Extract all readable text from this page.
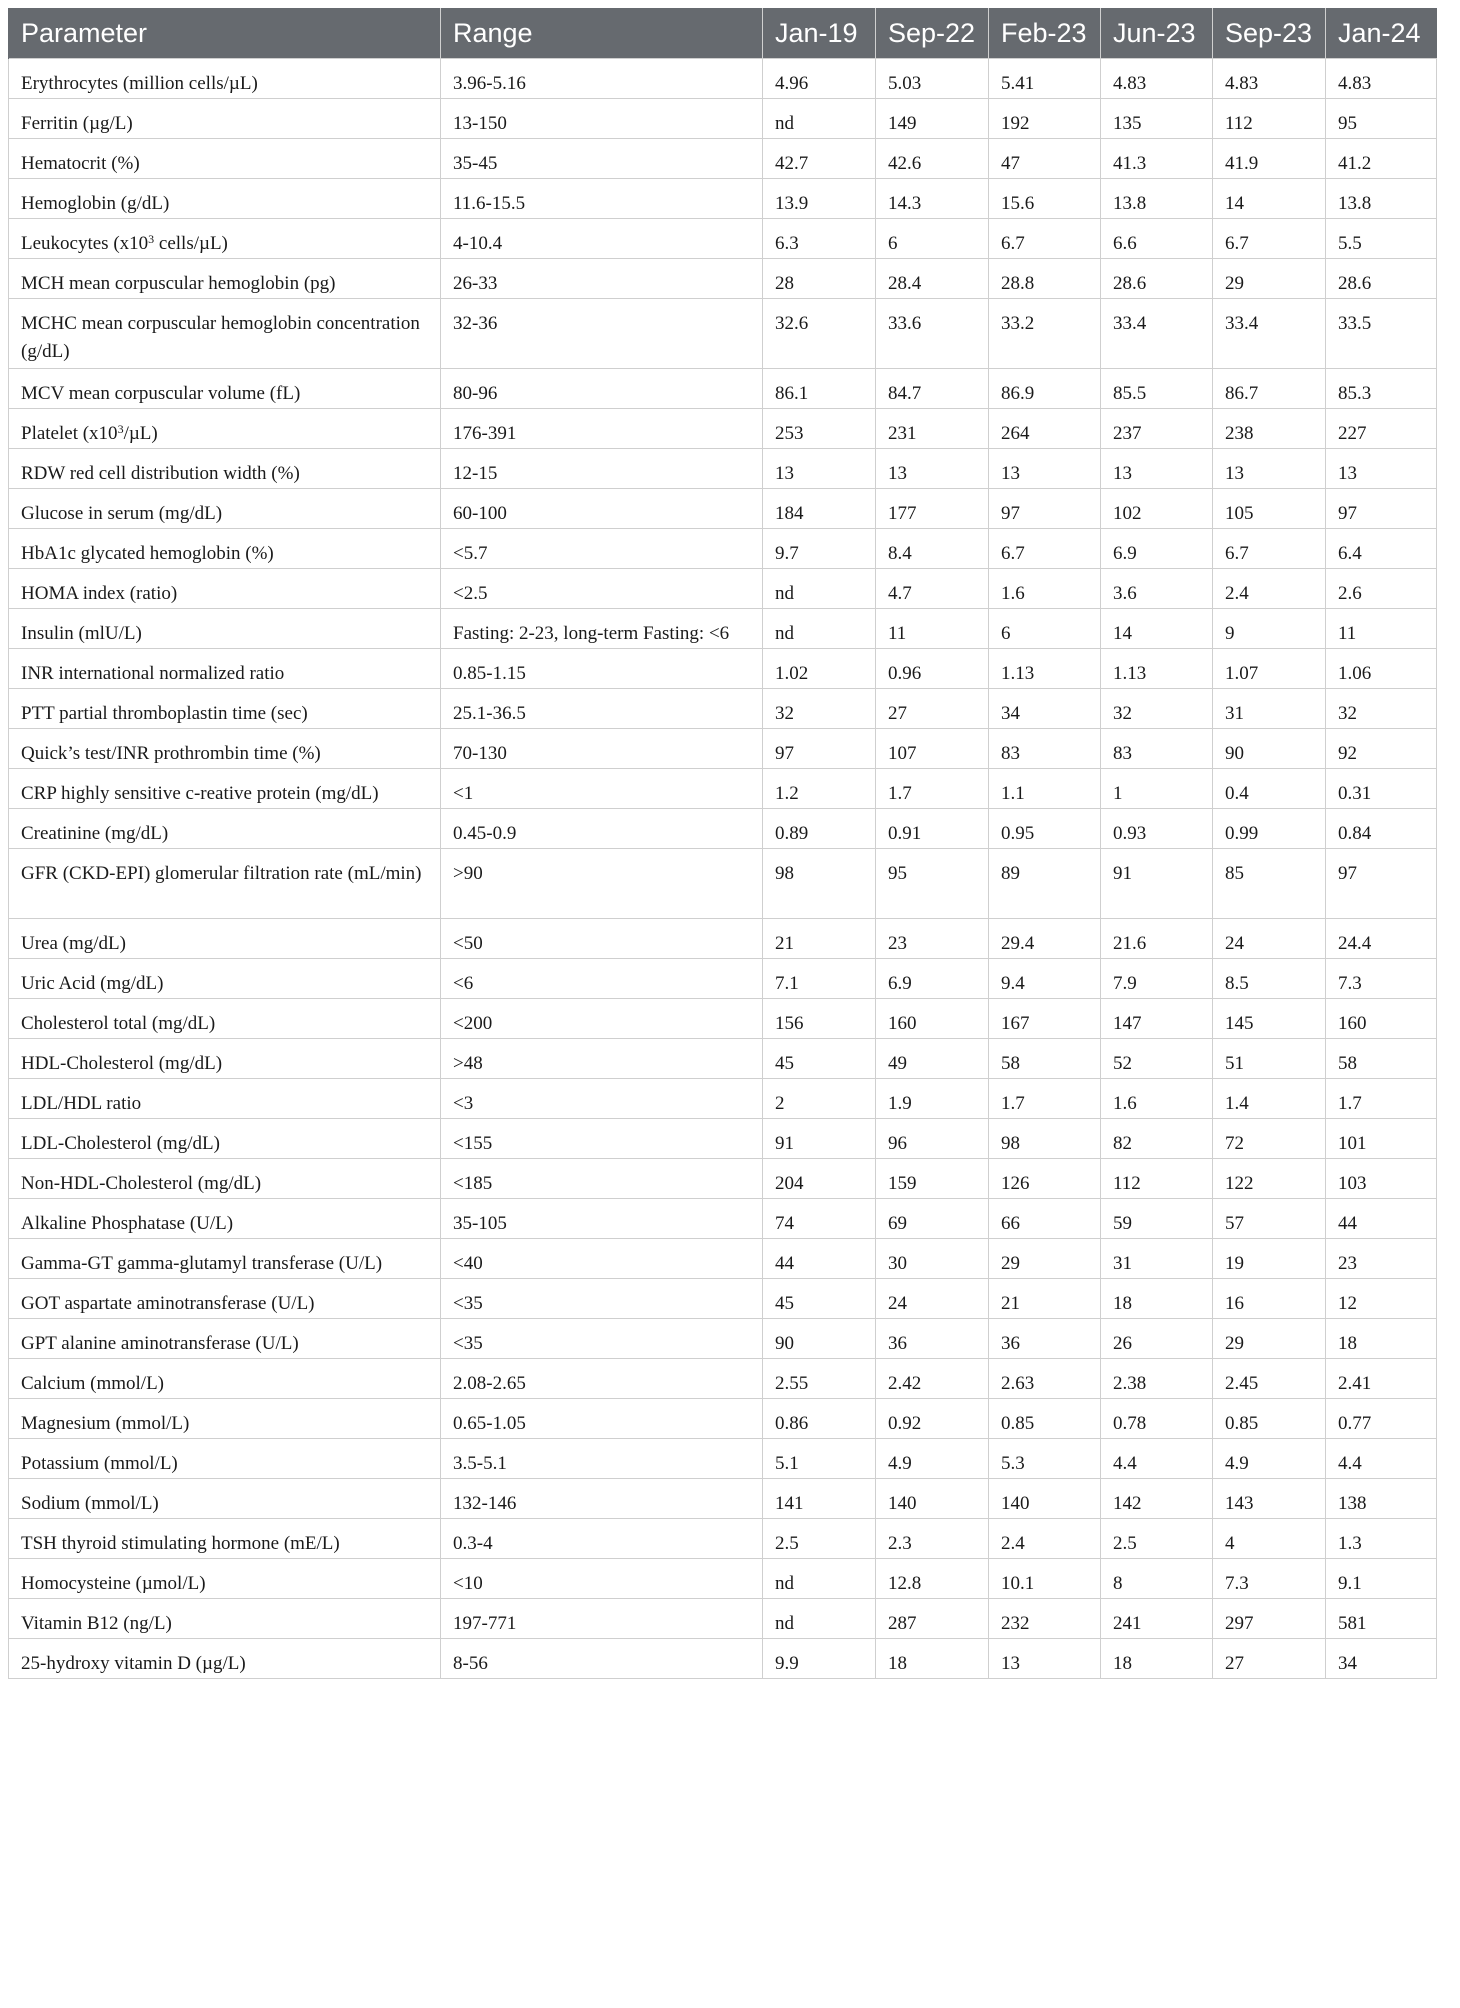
Parameter	Range	Jan-19	Sep-22	Feb-23	Jun-23	Sep-23	Jan-24
Erythrocytes (million cells/µL)	3.96-5.16	4.96	5.03	5.41	4.83	4.83	4.83
Ferritin (µg/L)	13-150	nd	149	192	135	112	95
Hematocrit (%)	35-45	42.7	42.6	47	41.3	41.9	41.2
Hemoglobin (g/dL)	11.6-15.5	13.9	14.3	15.6	13.8	14	13.8
Leukocytes ($x10^3$ cells/µL)	4-10.4	6.3	6	6.7	6.6	6.7	5.5
MCH mean corpuscular hemoglobin (pg)	26-33	28	28.4	28.8	28.6	29	28.6
MCHC mean corpuscular hemoglobin concentration (g/dL)	32-36	32.6	33.6	33.2	33.4	33.4	33.5
MCV mean corpuscular volume (fL)	80-96	86.1	84.7	86.9	85.5	86.7	85.3
Platelet $(x10^3/\mu L)$	176-391	253	231	264	237	238	227
RDW red cell distribution width (%)	12-15	13	13	13	13	13	13
Glucose in serum (mg/dL)	60-100	184	177	97	102	105	97
HbA1c glycated hemoglobin (%)	<5.7	9.7	8.4	6.7	6.9	6.7	6.4
HOMA index (ratio)	<2.5	nd	4.7	1.6	3.6	2.4	2.6
Insulin (mlU/L)	Fasting: 2-23, long-term Fasting: <6	nd	11	6	14	9	11
INR international normalized ratio	0.85-1.15	1.02	0.96	1.13	1.13	1.07	1.06
PTT partial thromboplastin time (sec)	25.1-36.5	32	27	34	32	31	32
Quick’s test/INR prothrombin time (%)	70-130	97	107	83	83	90	92
CRP highly sensitive c-reative protein (mg/dL)	<1	1.2	1.7	1.1	1	0.4	0.31
Creatinine (mg/dL)	0.45-0.9	0.89	0.91	0.95	0.93	0.99	0.84
GFR (CKD-EPI) glomerular filtration rate (mL/min)	>90	98	95	89	91	85	97
Urea (mg/dL)	<50	21	23	29.4	21.6	24	24.4
Uric Acid (mg/dL)	<6	7.1	6.9	9.4	7.9	8.5	7.3
Cholesterol total (mg/dL)	<200	156	160	167	147	145	160
HDL-Cholesterol (mg/dL)	>48	45	49	58	52	51	58
LDL/HDL ratio	<3	2	1.9	1.7	1.6	1.4	1.7
LDL-Cholesterol (mg/dL)	<155	91	96	98	82	72	101
Non-HDL-Cholesterol (mg/dL)	<185	204	159	126	112	122	103
Alkaline Phosphatase (U/L)	35-105	74	69	66	59	57	44
Gamma-GT gamma-glutamyl transferase (U/L)	<40	44	30	29	31	19	23
GOT aspartate aminotransferase (U/L)	<35	45	24	21	18	16	12
GPT alanine aminotransferase (U/L)	<35	90	36	36	26	29	18
Calcium (mmol/L)	2.08-2.65	2.55	2.42	2.63	2.38	2.45	2.41
Magnesium (mmol/L)	0.65-1.05	0.86	0.92	0.85	0.78	0.85	0.77
Potassium (mmol/L)	3.5-5.1	5.1	4.9	5.3	4.4	4.9	4.4
Sodium (mmol/L)	132-146	141	140	140	142	143	138
TSH thyroid stimulating hormone (mE/L)	0.3-4	2.5	2.3	2.4	2.5	4	1.3
Homocysteine (µmol/L)	<10	nd	12.8	10.1	8	7.3	9.1
Vitamin B12 (ng/L)	197-771	nd	287	232	241	297	581
25-hydroxy vitamin D (µg/L)	8-56	9.9	18	13	18	27	34
